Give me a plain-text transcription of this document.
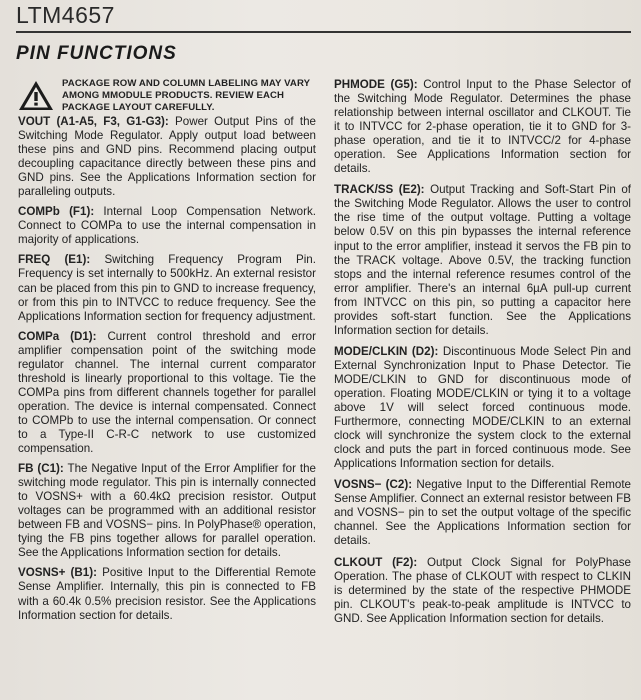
LTM4657
PIN FUNCTIONS
PACKAGE ROW AND COLUMN LABELING MAY VARY AMONG ΜMODULE PRODUCTS. REVIEW EACH PACKAGE LAYOUT CAREFULLY.

VOUT (A1-A5, F3, G1-G3): Power Output Pins of the Switching Mode Regulator. Apply output load between these pins and GND pins. Recommend placing output decoupling capacitance directly between these pins and GND pins. See the Applications Information section for paralleling outputs.

COMPb (F1): Internal Loop Compensation Network. Connect to COMPa to use the internal compensation in majority of applications.

FREQ (E1): Switching Frequency Program Pin. Frequency is set internally to 500kHz. An external resistor can be placed from this pin to GND to increase frequency, or from this pin to INTVCC to reduce frequency. See the Applications Information section for frequency adjustment.

COMPa (D1): Current control threshold and error amplifier compensation point of the switching mode regulator channel. The internal current comparator threshold is linearly proportional to this voltage. Tie the COMPa pins from different channels together for parallel operation. The device is internal compensated. Connect to COMPb to use the internal compensation. Or connect to a Type-II C-R-C network to use customized compensation.

FB (C1): The Negative Input of the Error Amplifier for the switching mode regulator. This pin is internally connected to VOSNS+ with a 60.4kΩ precision resistor. Output voltages can be programmed with an additional resistor between FB and VOSNS− pins. In PolyPhase® operation, tying the FB pins together allows for parallel operation. See the Applications Information section for details.

VOSNS+ (B1): Positive Input to the Differential Remote Sense Amplifier. Internally, this pin is connected to FB with a 60.4k 0.5% precision resistor. See the Applications Information section for details.

PHMODE (G5): Control Input to the Phase Selector of the Switching Mode Regulator. Determines the phase relationship between internal oscillator and CLKOUT. Tie it to INTVCC for 2-phase operation, tie it to GND for 3-phase operation, and tie it to INTVCC/2 for 4-phase operation. See Applications Information section for details.

TRACK/SS (E2): Output Tracking and Soft-Start Pin of the Switching Mode Regulator. Allows the user to control the rise time of the output voltage. Putting a voltage below 0.5V on this pin bypasses the internal reference input to the error amplifier, instead it servos the FB pin to the TRACK voltage. Above 0.5V, the tracking function stops and the internal reference resumes control of the error amplifier. There's an internal 6µA pull-up current from INTVCC on this pin, so putting a capacitor here provides soft-start function. See the Applications Information section for details.

MODE/CLKIN (D2): Discontinuous Mode Select Pin and External Synchronization Input to Phase Detector. Tie MODE/CLKIN to GND for discontinuous mode of operation. Floating MODE/CLKIN or tying it to a voltage above 1V will select forced continuous mode. Furthermore, connecting MODE/CLKIN to an external clock will synchronize the system clock to the external clock and puts the part in forced continuous mode. See Applications Information section for details.

VOSNS− (C2): Negative Input to the Differential Remote Sense Amplifier. Connect an external resistor between FB and VOSNS− pin to set the output voltage of the specific channel. See the Applications Information section for details.

CLKOUT (F2): Output Clock Signal for PolyPhase Operation. The phase of CLKOUT with respect to CLKIN is determined by the state of the respective PHMODE pin. CLKOUT's peak-to-peak amplitude is INTVCC to GND. See Application Information section for details.
